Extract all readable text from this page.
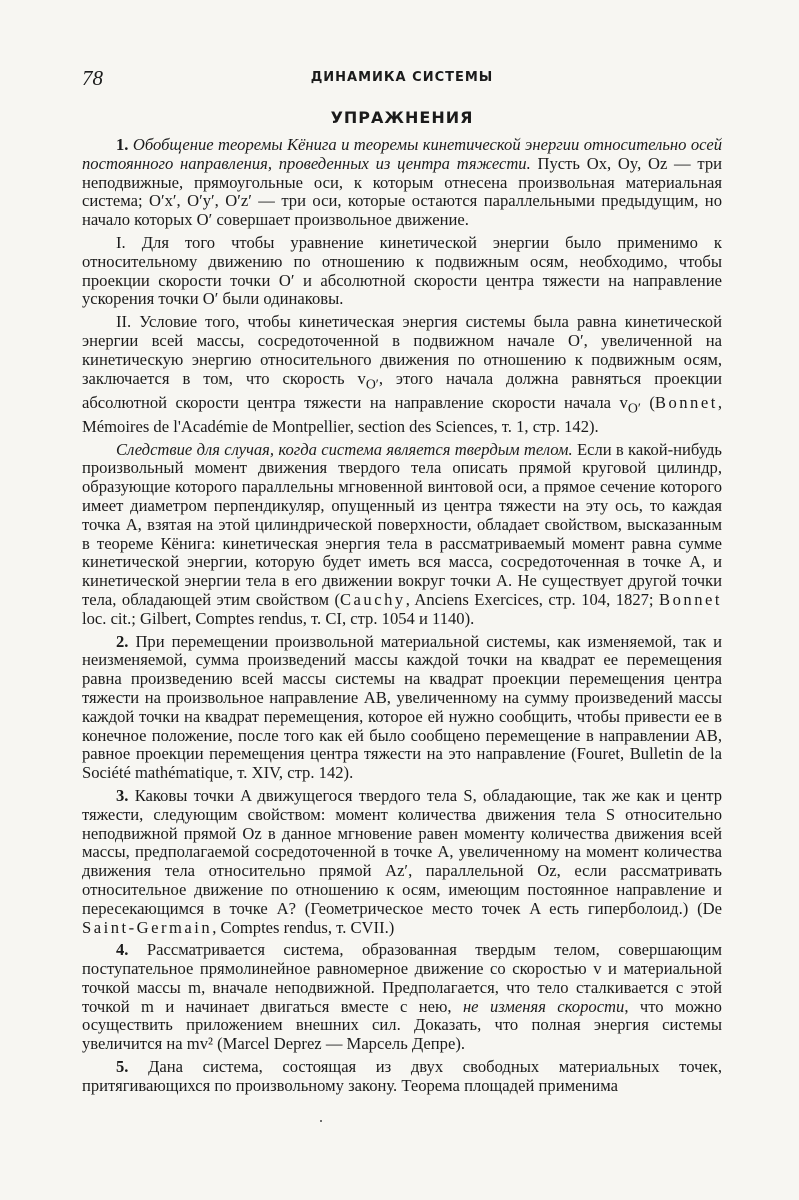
78	ДИНАМИКА СИСТЕМЫ
УПРАЖНЕНИЯ

1. Обобщение теоремы Кёнига и теоремы кинетической энергии относительно осей постоянного направления, проведенных из центра тяжести. Пусть Ox, Oy, Oz — три неподвижные, прямоугольные оси, к которым отнесена произвольная материальная система; O′x′, O′y′, O′z′ — три оси, которые остаются параллельными предыдущим, но начало которых O′ совершает произвольное движение.

I. Для того чтобы уравнение кинетической энергии было применимо к относительному движению по отношению к подвижным осям, необходимо, чтобы проекции скорости точки O′ и абсолютной скорости центра тяжести на направление ускорения точки O′ были одинаковы.

II. Условие того, чтобы кинетическая энергия системы была равна кинетической энергии всей массы, сосредоточенной в подвижном начале O′, увеличенной на кинетическую энергию относительного движения по отношению к подвижным осям, заключается в том, что скорость $v_{O'}$, этого начала должна равняться проекции абсолютной скорости центра тяжести на направление скорости начала $v_{O'}$ (Bonnet, Mémoires de l'Académie de Montpellier, section des Sciences, т. 1, стр. 142).

Следствие для случая, когда система является твердым телом. Если в какой-нибудь произвольный момент движения твердого тела описать прямой круговой цилиндр, образующие которого параллельны мгновенной винтовой оси, а прямое сечение которого имеет диаметром перпендикуляр, опущенный из центра тяжести на эту ось, то каждая точка A, взятая на этой цилиндрической поверхности, обладает свойством, высказанным в теореме Кёнига: кинетическая энергия тела в рассматриваемый момент равна сумме кинетической энергии, которую будет иметь вся масса, сосредоточенная в точке A, и кинетической энергии тела в его движении вокруг точки A. Не существует другой точки тела, обладающей этим свойством (Cauchy, Anciens Exercices, стр. 104, 1827; Bonnet loc. cit.; Gilbert, Comptes rendus, т. CI, стр. 1054 и 1140).

2. При перемещении произвольной материальной системы, как изменяемой, так и неизменяемой, сумма произведений массы каждой точки на квадрат ее перемещения равна произведению всей массы системы на квадрат проекции перемещения центра тяжести на произвольное направление AB, увеличенному на сумму произведений массы каждой точки на квадрат перемещения, которое ей нужно сообщить, чтобы привести ее в конечное положение, после того как ей было сообщено перемещение в направлении AB, равное проекции перемещения центра тяжести на это направление (Fouret, Bulletin de la Société mathématique, т. XIV, стр. 142).

3. Каковы точки A движущегося твердого тела S, обладающие, так же как и центр тяжести, следующим свойством: момент количества движения тела S относительно неподвижной прямой Oz в данное мгновение равен моменту количества движения всей массы, предполагаемой сосредоточенной в точке A, увеличенному на момент количества движения тела относительно прямой Az′, параллельной Oz, если рассматривать относительное движение по отношению к осям, имеющим постоянное направление и пересекающимся в точке A? (Геометрическое место точек A есть гиперболоид.) (De Saint-Germain, Comptes rendus, т. CVII.)

4. Рассматривается система, образованная твердым телом, совершающим поступательное прямолинейное равномерное движение со скоростью v и материальной точкой массы m, вначале неподвижной. Предполагается, что тело сталкивается с этой точкой m и начинает двигаться вместе с нею, не изменяя скорости, что можно осуществить приложением внешних сил. Доказать, что полная энергия системы увеличится на mv² (Marcel Deprez — Марсель Депре).

5. Дана система, состоящая из двух свободных материальных точек, притягивающихся по произвольному закону. Теорема площадей применима
